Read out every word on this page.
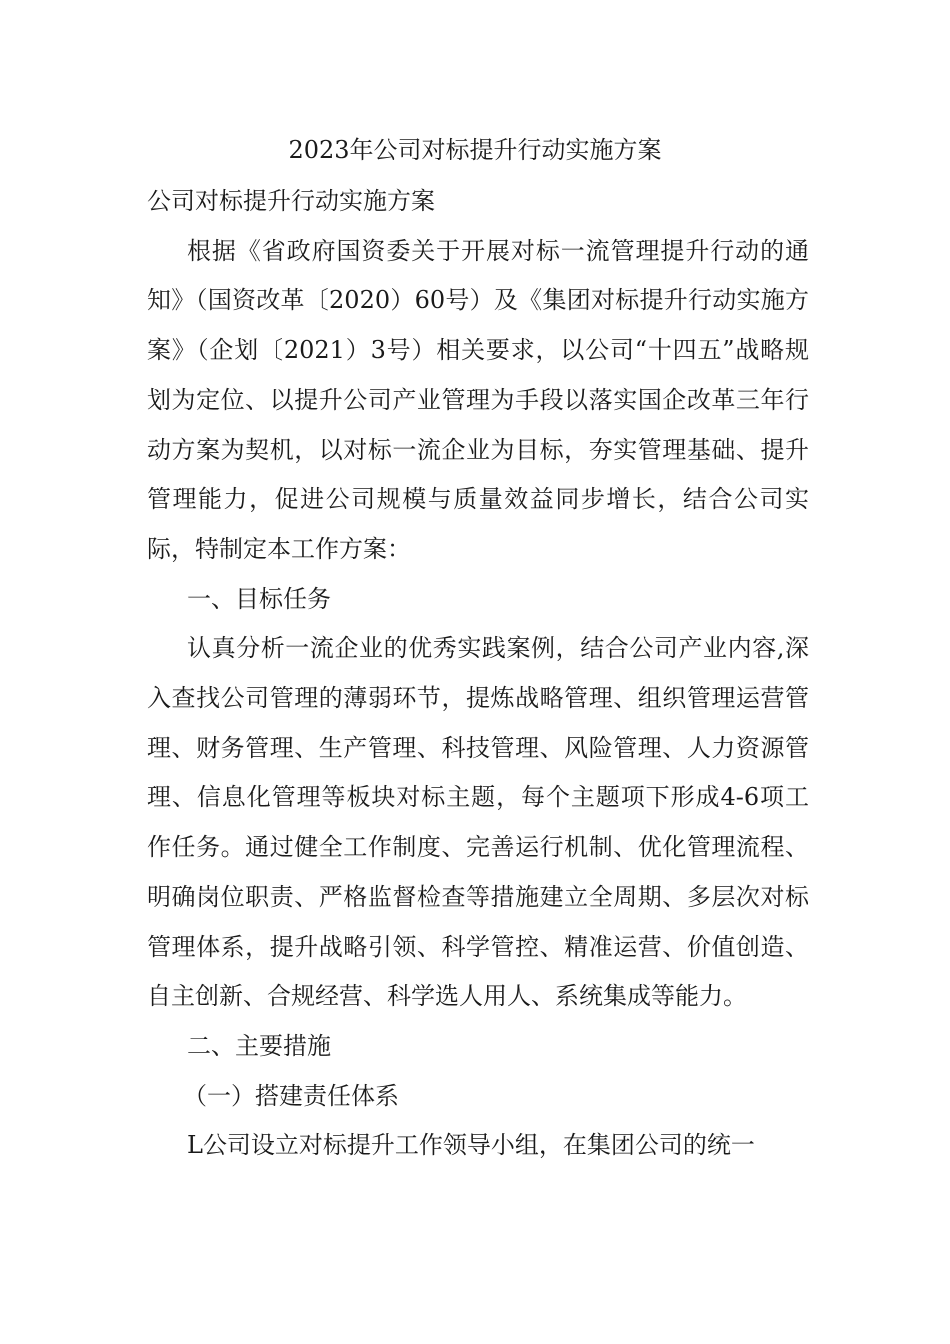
2023年公司对标提升行动实施方案

公司对标提升行动实施方案

根据《省政府国资委关于开展对标一流管理提升行动的通知》（国资改革〔2020）60号）及《集团对标提升行动实施方案》（企划〔2021）3号）相关要求，以公司“十四五”战略规划为定位、以提升公司产业管理为手段以落实国企改革三年行动方案为契机，以对标一流企业为目标，夯实管理基础、提升管理能力，促进公司规模与质量效益同步增长，结合公司实际，特制定本工作方案：

一、目标任务

认真分析一流企业的优秀实践案例，结合公司产业内容,深入查找公司管理的薄弱环节，提炼战略管理、组织管理运营管理、财务管理、生产管理、科技管理、风险管理、人力资源管理、信息化管理等板块对标主题，每个主题项下形成4-6项工作任务。通过健全工作制度、完善运行机制、优化管理流程、明确岗位职责、严格监督检查等措施建立全周期、多层次对标管理体系，提升战略引领、科学管控、精准运营、价值创造、自主创新、合规经营、科学选人用人、系统集成等能力。

二、主要措施

（一）搭建责任体系

L公司设立对标提升工作领导小组，在集团公司的统一
